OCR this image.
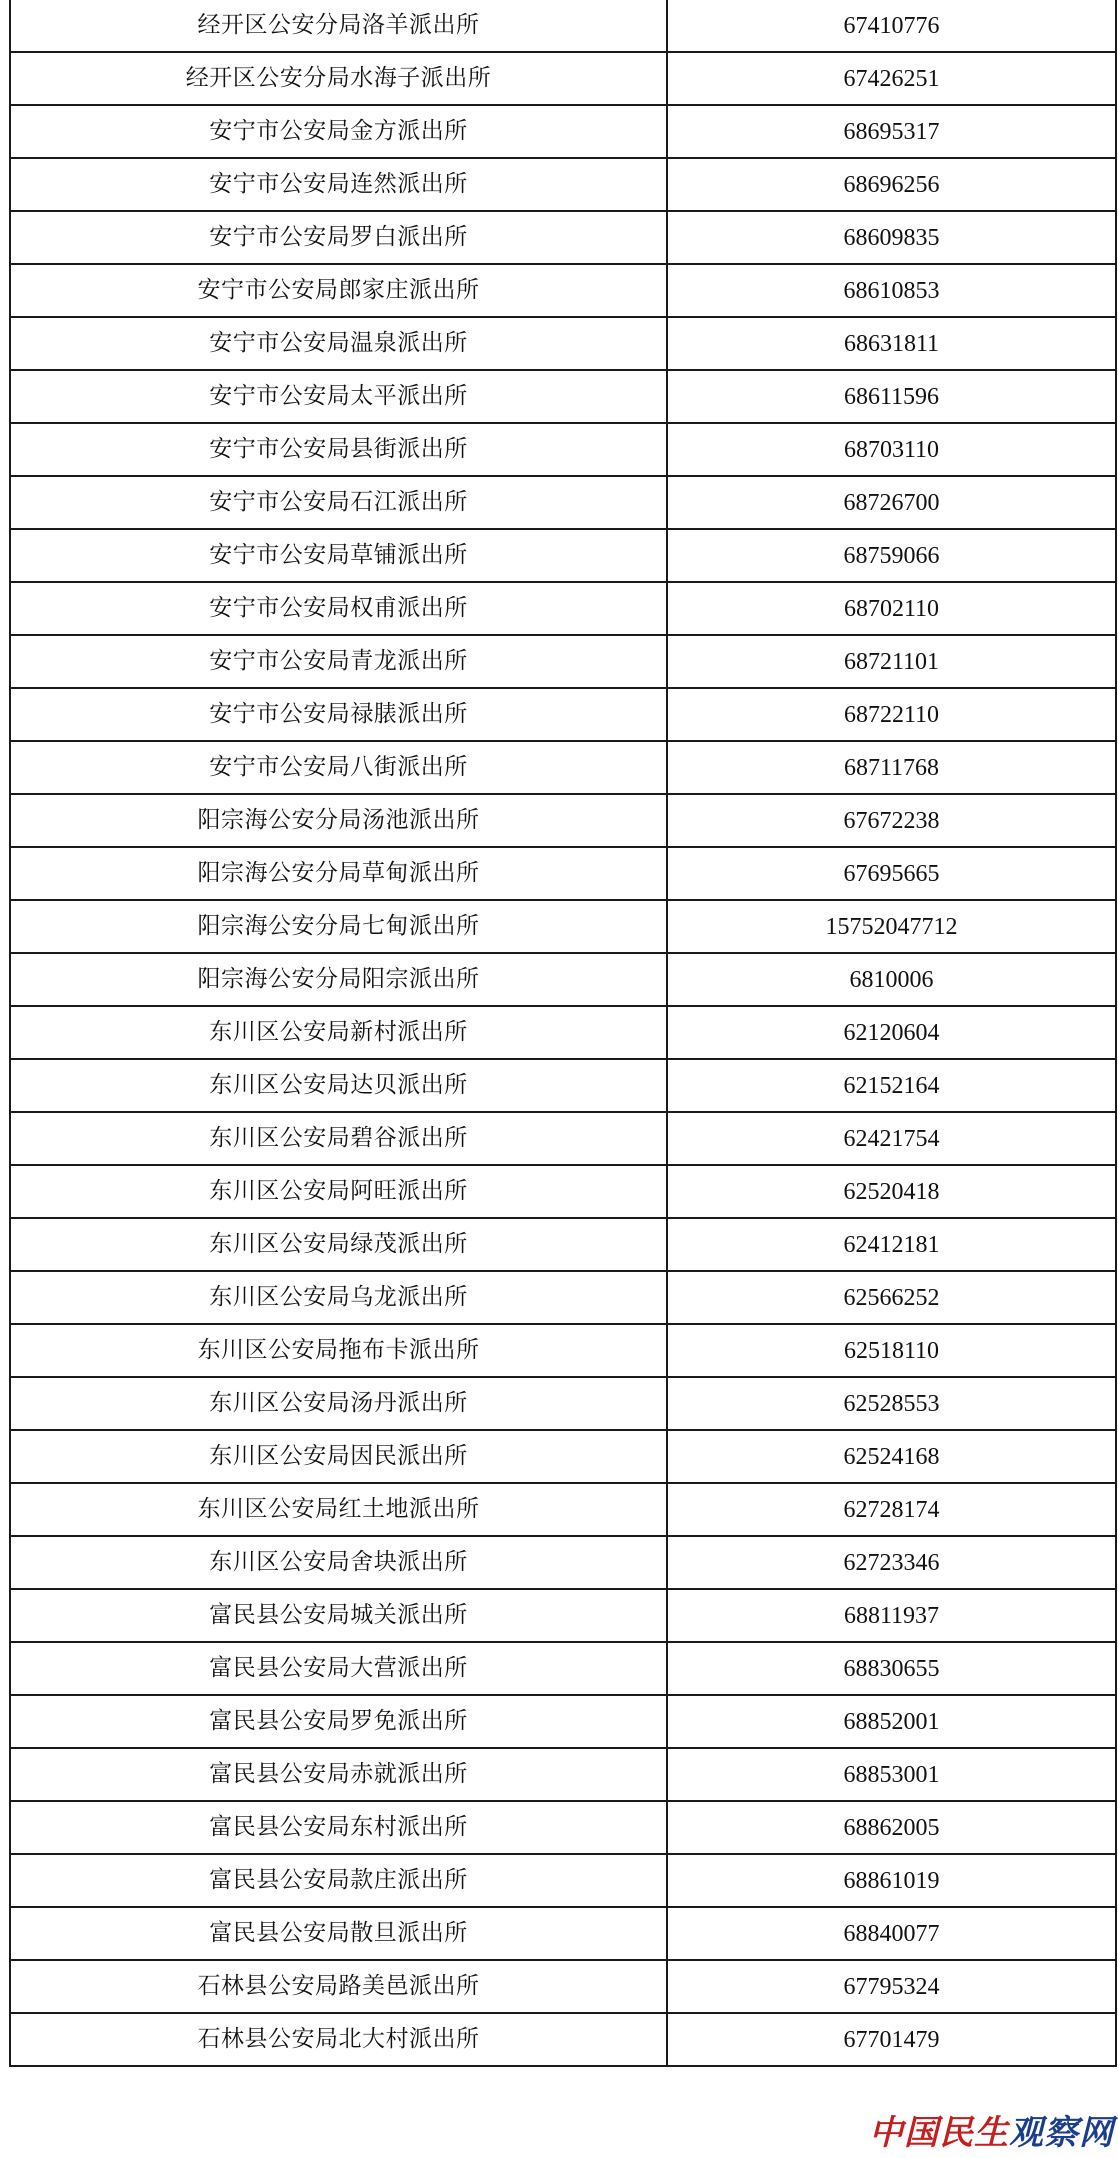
经开区公安分局洛羊派出所	67410776
经开区公安分局水海子派出所	67426251
安宁市公安局金方派出所	68695317
安宁市公安局连然派出所	68696256
安宁市公安局罗白派出所	68609835
安宁市公安局郎家庄派出所	68610853
安宁市公安局温泉派出所	68631811
安宁市公安局太平派出所	68611596
安宁市公安局县街派出所	68703110
安宁市公安局石江派出所	68726700
安宁市公安局草铺派出所	68759066
安宁市公安局权甫派出所	68702110
安宁市公安局青龙派出所	68721101
安宁市公安局禄脿派出所	68722110
安宁市公安局八街派出所	68711768
阳宗海公安分局汤池派出所	67672238
阳宗海公安分局草甸派出所	67695665
阳宗海公安分局七甸派出所	15752047712
阳宗海公安分局阳宗派出所	6810006
东川区公安局新村派出所	62120604
东川区公安局达贝派出所	62152164
东川区公安局碧谷派出所	62421754
东川区公安局阿旺派出所	62520418
东川区公安局绿茂派出所	62412181
东川区公安局乌龙派出所	62566252
东川区公安局拖布卡派出所	62518110
东川区公安局汤丹派出所	62528553
东川区公安局因民派出所	62524168
东川区公安局红土地派出所	62728174
东川区公安局舍块派出所	62723346
富民县公安局城关派出所	68811937
富民县公安局大营派出所	68830655
富民县公安局罗免派出所	68852001
富民县公安局赤就派出所	68853001
富民县公安局东村派出所	68862005
富民县公安局款庄派出所	68861019
富民县公安局散旦派出所	68840077
石林县公安局路美邑派出所	67795324
石林县公安局北大村派出所	67701479
中国民生观察网
